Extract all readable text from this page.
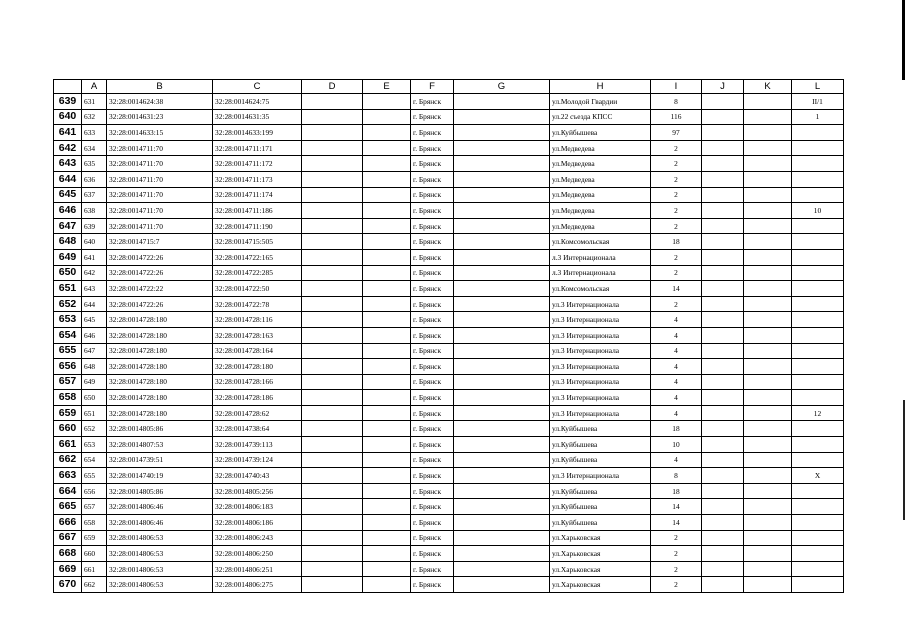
	A	B	C	D	E	F	G	H	I	J	K	L
639	631	32:28:0014624:38	32:28:0014624:75			г. Брянск		ул.Молодой Гвардии	8			II/1
640	632	32:28:0014631:23	32:28:0014631:35			г. Брянск		ул.22 съезда КПСС	116			1
641	633	32:28:0014633:15	32:28:0014633:199			г. Брянск		ул.Куйбышева	97			
642	634	32:28:0014711:70	32:28:0014711:171			г. Брянск		ул.Медведева	2			
643	635	32:28:0014711:70	32:28:0014711:172			г. Брянск		ул.Медведева	2			
644	636	32:28:0014711:70	32:28:0014711:173			г. Брянск		ул.Медведева	2			
645	637	32:28:0014711:70	32:28:0014711:174			г. Брянск		ул.Медведева	2			
646	638	32:28:0014711:70	32:28:0014711:186			г. Брянск		ул.Медведева	2			10
647	639	32:28:0014711:70	32:28:0014711:190			г. Брянск		ул.Медведева	2			
648	640	32:28:0014715:7	32:28:0014715:505			г. Брянск		ул.Комсомольская	18			
649	641	32:28:0014722:26	32:28:0014722:165			г. Брянск		л.3 Интернационала	2			
650	642	32:28:0014722:26	32:28:0014722:285			г. Брянск		л.3 Интернационала	2			
651	643	32:28:0014722:22	32:28:0014722:50			г. Брянск		ул.Комсомольская	14			
652	644	32:28:0014722:26	32:28:0014722:78			г. Брянск		ул.3 Интернационала	2			
653	645	32:28:0014728:180	32:28:0014728:116			г. Брянск		ул.3 Интернационала	4			
654	646	32:28:0014728:180	32:28:0014728:163			г. Брянск		ул.3 Интернационала	4			
655	647	32:28:0014728:180	32:28:0014728:164			г. Брянск		ул.3 Интернационала	4			
656	648	32:28:0014728:180	32:28:0014728:180			г. Брянск		ул.3 Интернационала	4			
657	649	32:28:0014728:180	32:28:0014728:166			г. Брянск		ул.3 Интернационала	4			
658	650	32:28:0014728:180	32:28:0014728:186			г. Брянск		ул.3 Интернационала	4			
659	651	32:28:0014728:180	32:28:0014728:62			г. Брянск		ул.3 Интернационала	4			12
660	652	32:28:0014805:86	32:28:0014738:64			г. Брянск		ул.Куйбышева	18			
661	653	32:28:0014807:53	32:28:0014739:113			г. Брянск		ул.Куйбышева	10			
662	654	32:28:0014739:51	32:28:0014739:124			г. Брянск		ул.Куйбышева	4			
663	655	32:28:0014740:19	32:28:0014740:43			г. Брянск		ул.3 Интернационала	8			X
664	656	32:28:0014805:86	32:28:0014805:256			г. Брянск		ул.Куйбышева	18			
665	657	32:28:0014806:46	32:28:0014806:183			г. Брянск		ул.Куйбышева	14			
666	658	32:28:0014806:46	32:28:0014806:186			г. Брянск		ул.Куйбышева	14			
667	659	32:28:0014806:53	32:28:0014806:243			г. Брянск		ул.Харьковская	2			
668	660	32:28:0014806:53	32:28:0014806:250			г. Брянск		ул.Харьковская	2			
669	661	32:28:0014806:53	32:28:0014806:251			г. Брянск		ул.Харьковская	2			
670	662	32:28:0014806:53	32:28:0014806:275			г. Брянск		ул.Харьковская	2			
